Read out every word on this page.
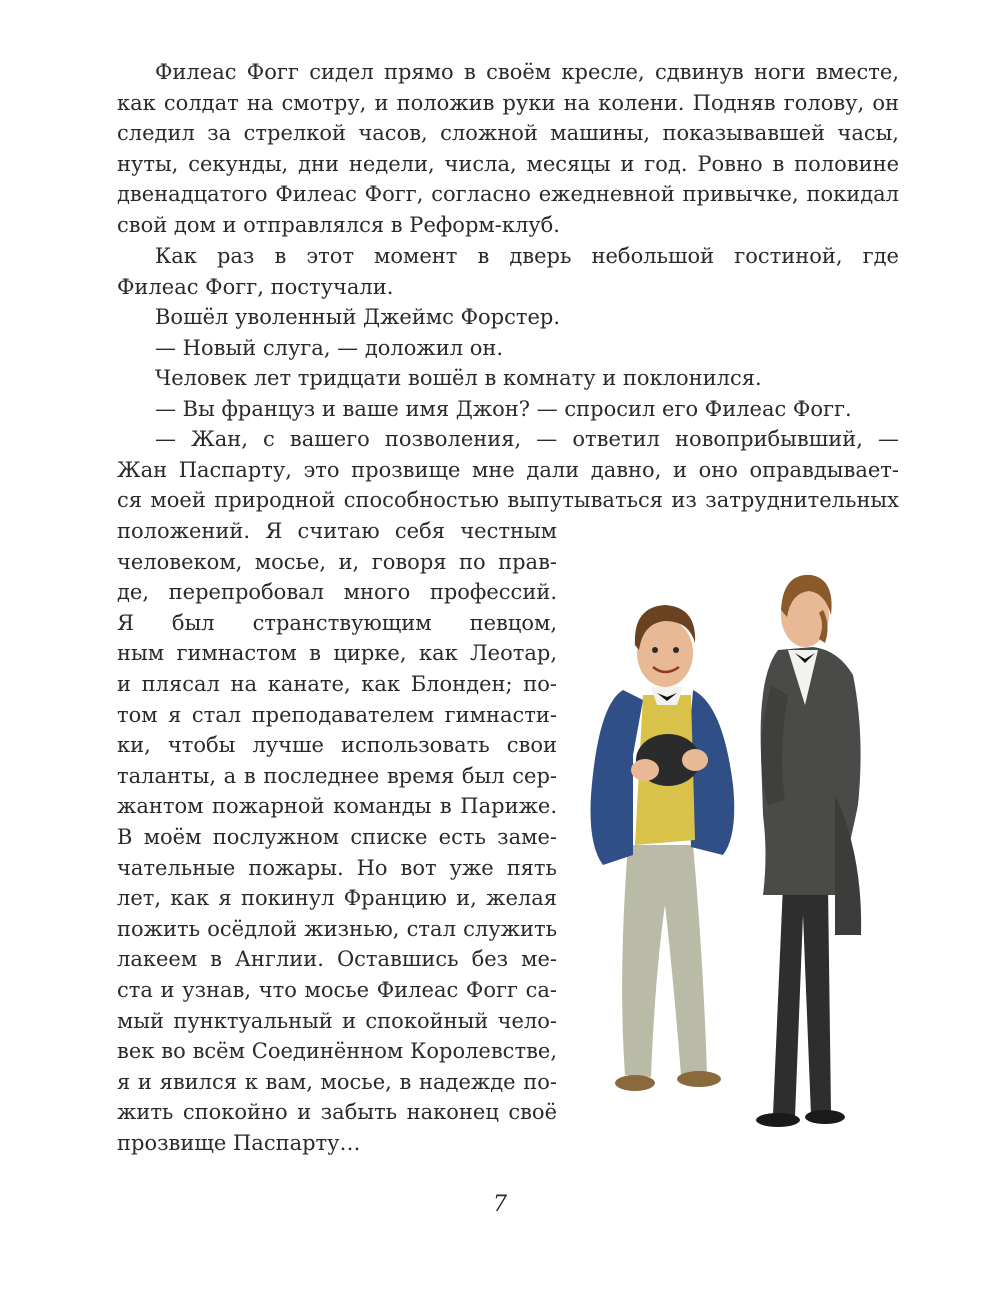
Филеас Фогг сидел прямо в своём кресле, сдвинув ноги вместе,
как солдат на смотру, и положив руки на колени. Подняв голову, он
следил за стрелкой часов, сложной машины, показывавшей часы,
нуты, секунды, дни недели, числа, месяцы и год. Ровно в половине
двенадцатого Филеас Фогг, согласно ежедневной привычке, покидал
свой дом и отправлялся в Реформ-клуб.
Как раз в этот момент в дверь небольшой гостиной, где
Филеас Фогг, постучали.
Вошёл уволенный Джеймс Форстер.
— Новый слуга, — доложил он.
Человек лет тридцати вошёл в комнату и поклонился.
— Вы француз и ваше имя Джон? — спросил его Филеас Фогг.
— Жан, с вашего позволения, — ответил новоприбывший, —
Жан Паспарту, это прозвище мне дали давно, и оно оправдывает-
ся моей природной способностью выпутываться из затруднительных
положений. Я считаю себя честным
человеком, мосье, и, говоря по прав-
де, перепробовал много профессий.
Я был странствующим певцом,
ным гимнастом в цирке, как Леотар,
и плясал на канате, как Блонден; по-
том я стал преподавателем гимнасти-
ки, чтобы лучше использовать свои
таланты, а в последнее время был сер-
жантом пожарной команды в Париже.
В моём послужном списке есть заме-
чательные пожары. Но вот уже пять
лет, как я покинул Францию и, желая
пожить осёдлой жизнью, стал служить
лакеем в Англии. Оставшись без ме-
ста и узнав, что мосье Филеас Фогг са-
мый пунктуальный и спокойный чело-
век во всём Соединённом Королевстве,
я и явился к вам, мосье, в надежде по-
жить спокойно и забыть наконец своё
прозвище Паспарту…
7
